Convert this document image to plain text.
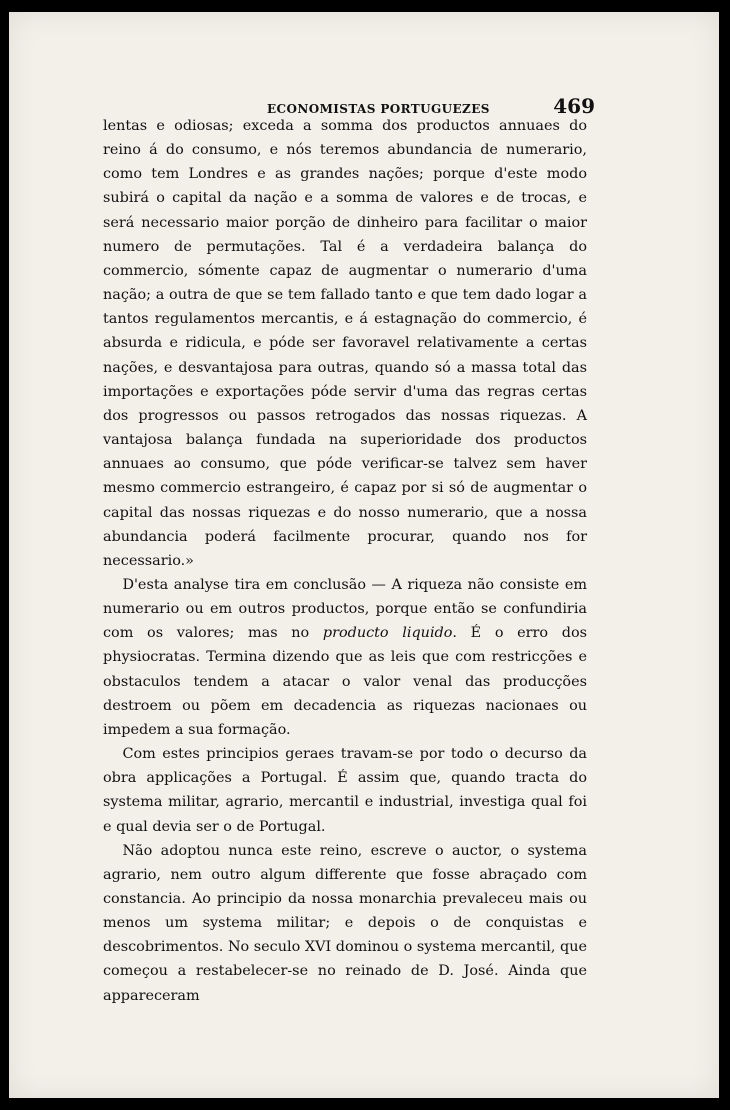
ECONOMISTAS PORTUGUEZES	469

lentas e odiosas; exceda a somma dos productos annuaes do reino á do consumo, e nós teremos abundancia de numerario, como tem Londres e as grandes nações; porque d'este modo subirá o capital da nação e a somma de valores e de trocas, e será necessario maior porção de dinheiro para facilitar o maior numero de permutações. Tal é a verdadeira balança do commercio, sómente capaz de augmentar o numerario d'uma nação; a outra de que se tem fallado tanto e que tem dado logar a tantos regulamentos mercantis, e á estagnação do commercio, é absurda e ridicula, e póde ser favoravel relativamente a certas nações, e desvantajosa para outras, quando só a massa total das importações e exportações póde servir d'uma das regras certas dos progressos ou passos retrogados das nossas riquezas. A vantajosa balança fundada na superioridade dos productos annuaes ao consumo, que póde verificar-se talvez sem haver mesmo commercio estrangeiro, é capaz por si só de augmentar o capital das nossas riquezas e do nosso numerario, que a nossa abundancia poderá facilmente procurar, quando nos for necessario.»

D'esta analyse tira em conclusão — A riqueza não consiste em numerario ou em outros productos, porque então se confundiria com os valores; mas no producto liquido. É o erro dos physiocratas. Termina dizendo que as leis que com restricções e obstaculos tendem a atacar o valor venal das producções destroem ou põem em decadencia as riquezas nacionaes ou impedem a sua formação.

Com estes principios geraes travam-se por todo o decurso da obra applicações a Portugal. É assim que, quando tracta do systema militar, agrario, mercantil e industrial, investiga qual foi e qual devia ser o de Portugal.

Não adoptou nunca este reino, escreve o auctor, o systema agrario, nem outro algum differente que fosse abraçado com constancia. Ao principio da nossa monarchia prevaleceu mais ou menos um systema militar; e depois o de conquistas e descobrimentos. No seculo XVI dominou o systema mercantil, que começou a restabelecer-se no reinado de D. José. Ainda que appareceram
